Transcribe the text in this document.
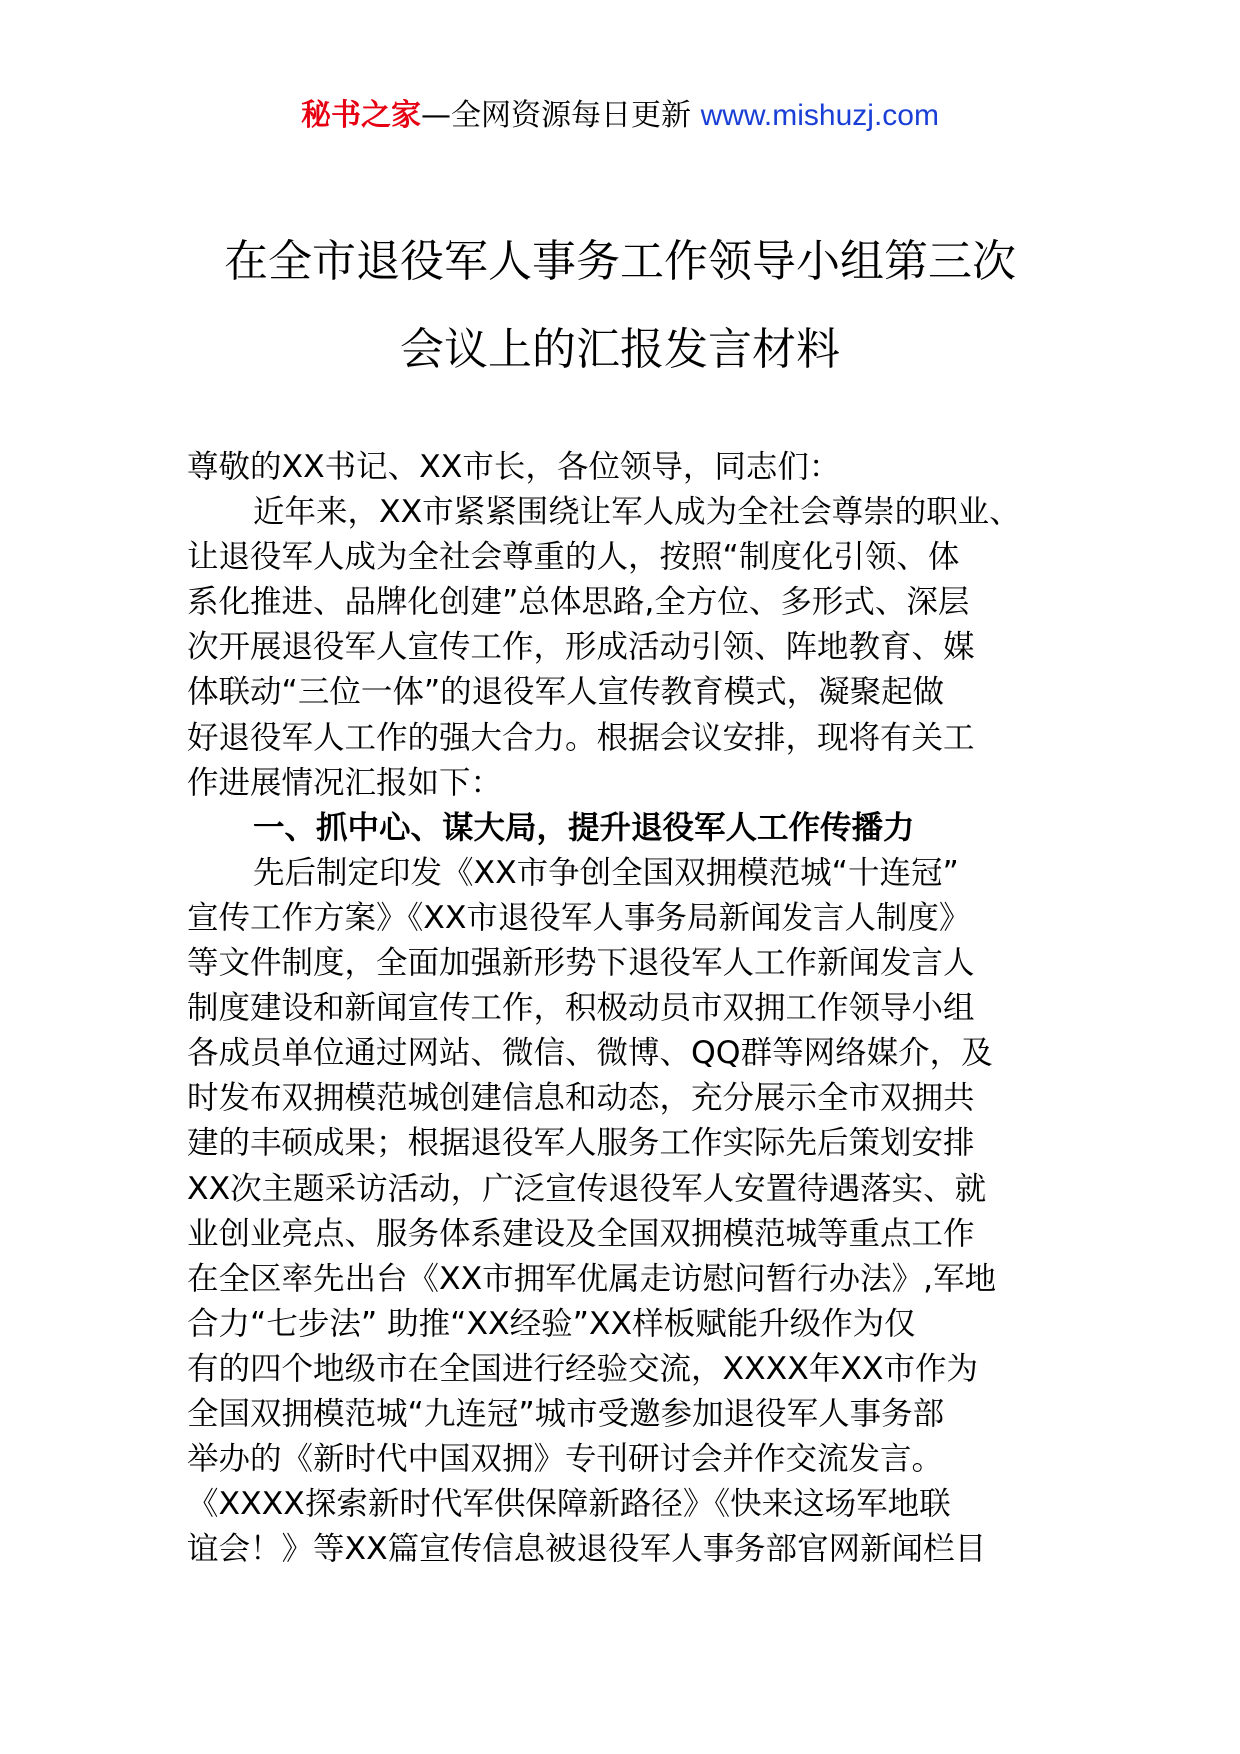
秘书之家—全网资源每日更新 www.mishuzj.com
在全市退役军人事务工作领导小组第三次
会议上的汇报发言材料
尊敬的XX书记、XX市长，各位领导，同志们：
近年来，XX市紧紧围绕让军人成为全社会尊崇的职业、
让退役军人成为全社会尊重的人，按照“制度化引领、体
系化推进、品牌化创建”总体思路,全方位、多形式、深层
次开展退役军人宣传工作，形成活动引领、阵地教育、媒
体联动“三位一体”的退役军人宣传教育模式，凝聚起做
好退役军人工作的强大合力。根据会议安排，现将有关工
作进展情况汇报如下：
一、抓中心、谋大局，提升退役军人工作传播力
先后制定印发《XX市争创全国双拥模范城“十连冠”
宣传工作方案》《XX市退役军人事务局新闻发言人制度》
等文件制度，全面加强新形势下退役军人工作新闻发言人
制度建设和新闻宣传工作，积极动员市双拥工作领导小组
各成员单位通过网站、微信、微博、QQ群等网络媒介，及
时发布双拥模范城创建信息和动态，充分展示全市双拥共
建的丰硕成果；根据退役军人服务工作实际先后策划安排
XX次主题采访活动，广泛宣传退役军人安置待遇落实、就
业创业亮点、服务体系建设及全国双拥模范城等重点工作
在全区率先出台《XX市拥军优属走访慰问暂行办法》,军地
合力“七步法” 助推“XX经验”XX样板赋能升级作为仅
有的四个地级市在全国进行经验交流，XXXX年XX市作为
全国双拥模范城“九连冠”城市受邀参加退役军人事务部
举办的《新时代中国双拥》专刊研讨会并作交流发言。
《XXXX探索新时代军供保障新路径》《快来这场军地联
谊会！》等XX篇宣传信息被退役军人事务部官网新闻栏目
